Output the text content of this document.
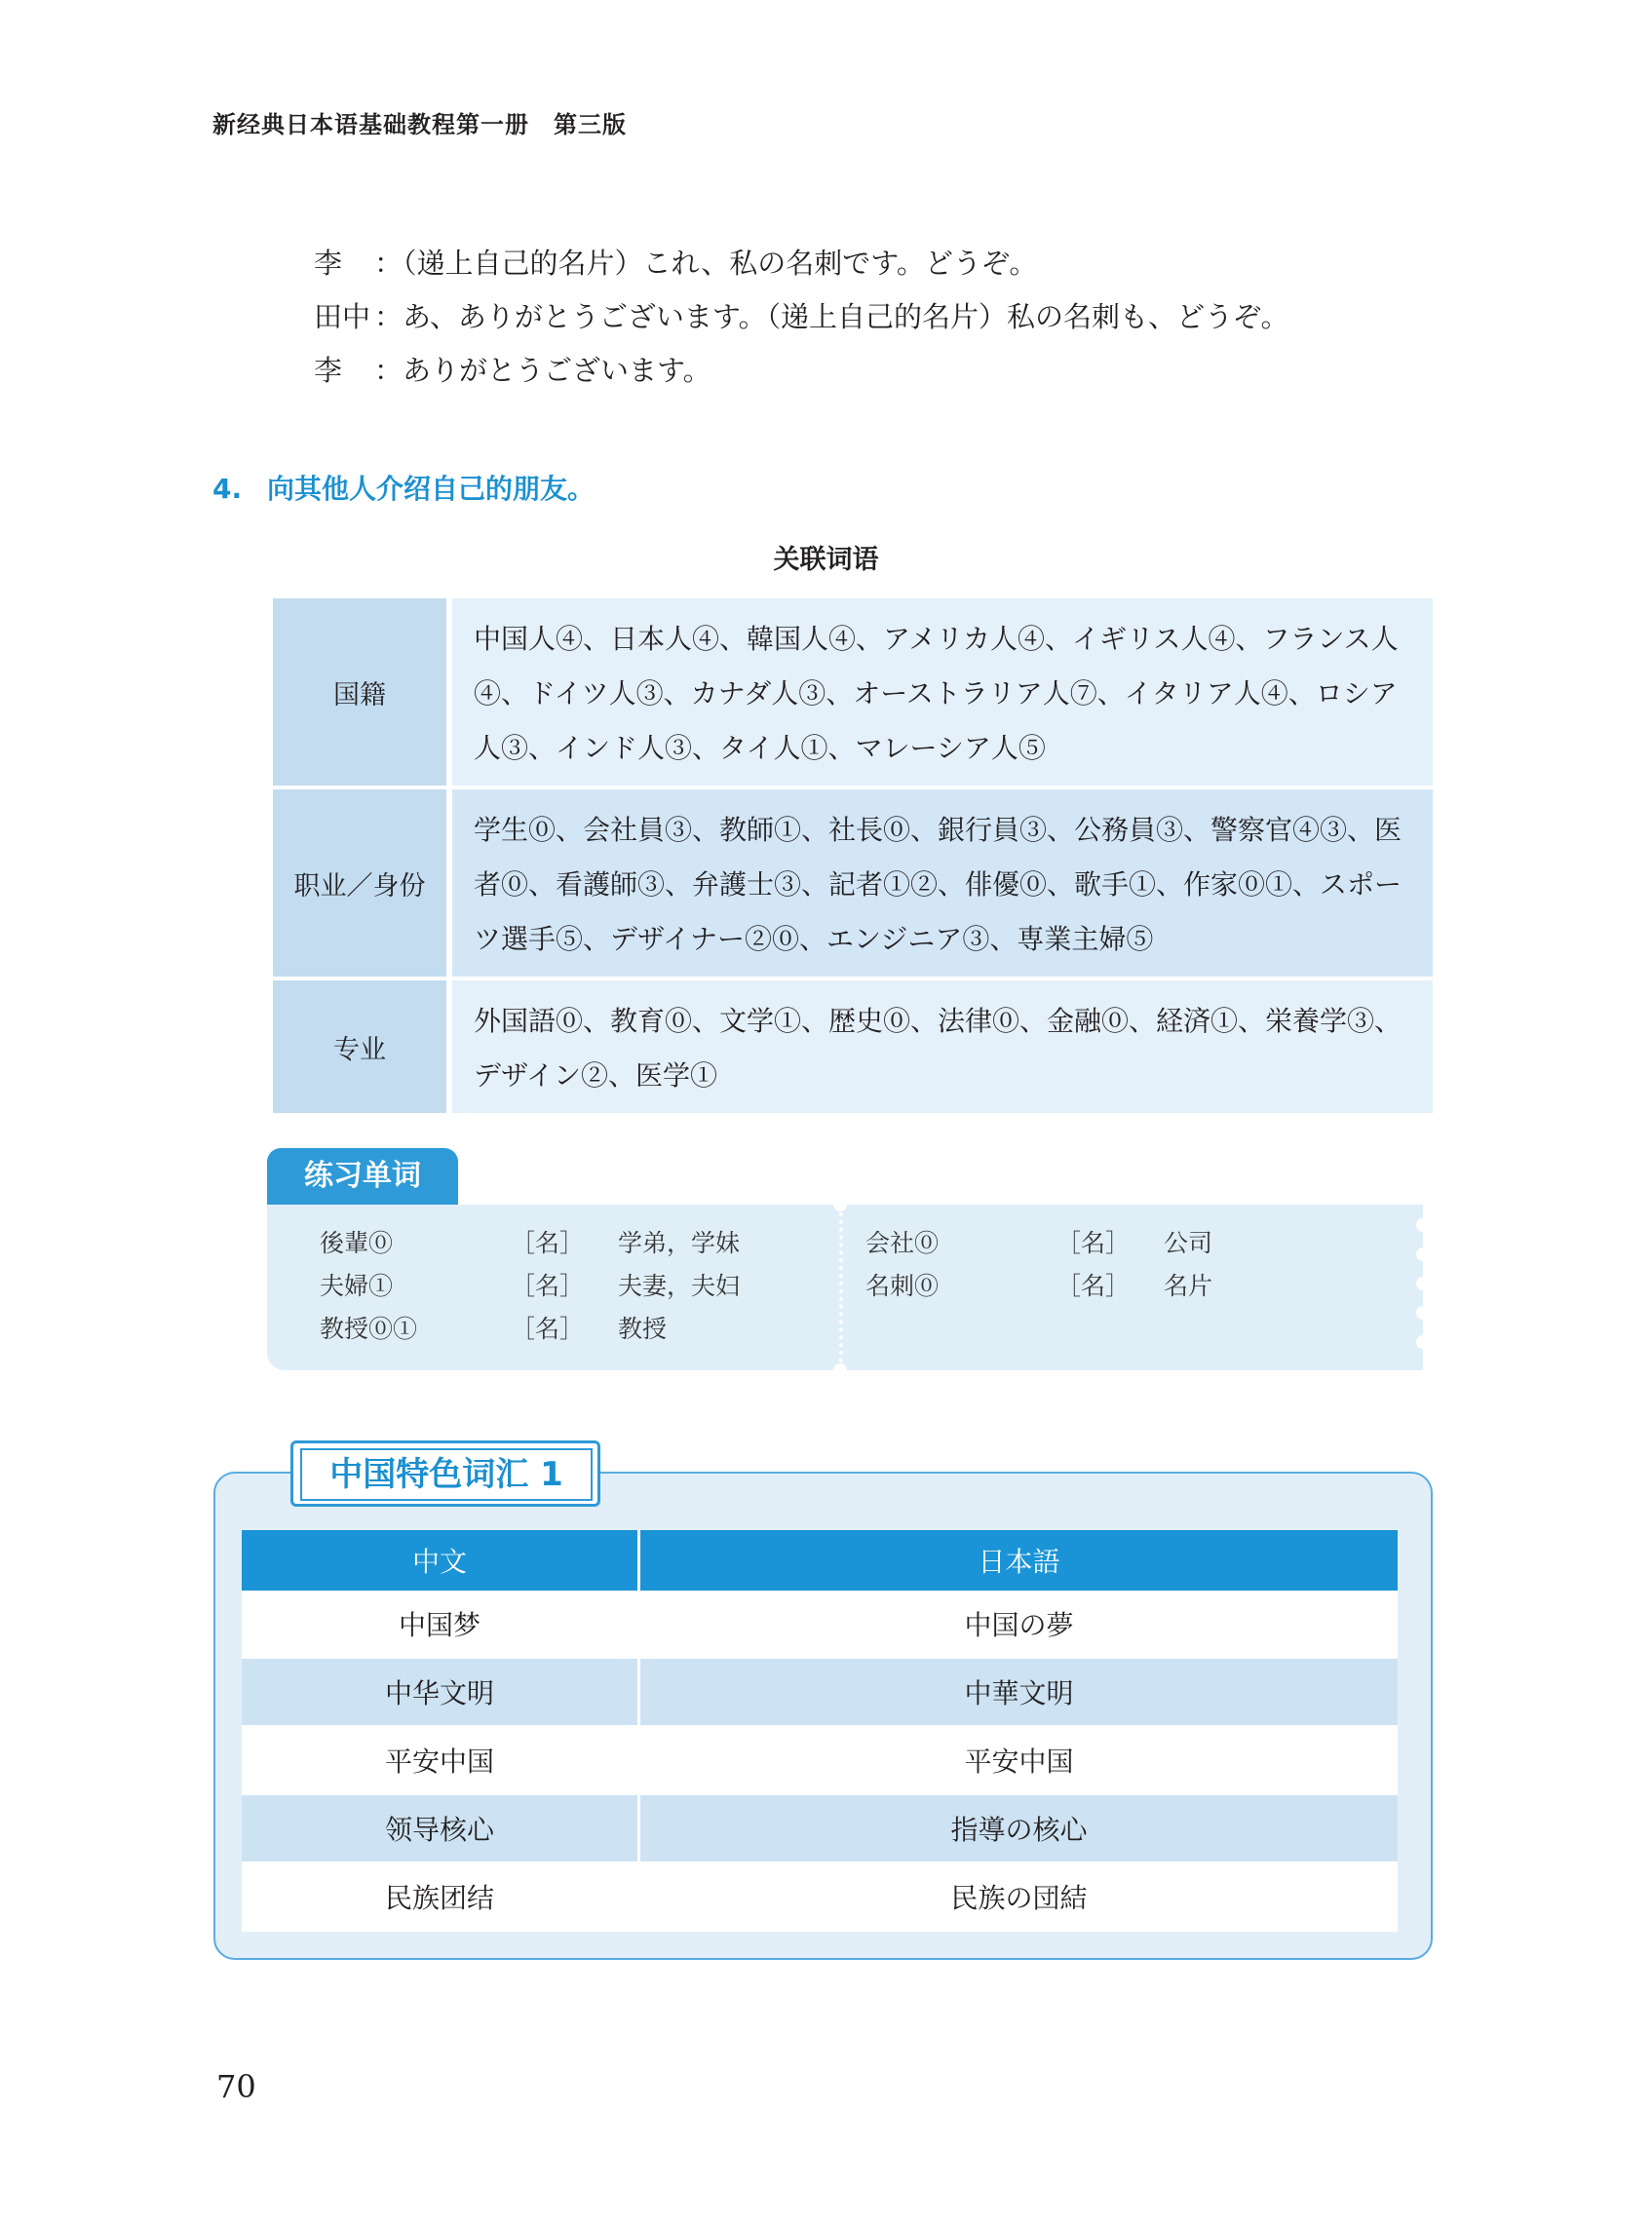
新经典日本语基础教程第一册　第三版
李 ：（递上自己的名片）これ、私の名刺です。どうぞ。
田中 ：あ、ありがとうございます。（递上自己的名片）私の名刺も、どうぞ。
李 ：ありがとうございます。
4. 向其他人介绍自己的朋友。
关联词语
国籍	中国人④、日本人④、韓国人④、アメリカ人④、イギリス人④、フランス人④、ドイツ人③、カナダ人③、オーストラリア人⑦、イタリア人④、ロシア人③、インド人③、タイ人①、マレーシア人⑤
职业／身份	学生⓪、会社員③、教師①、社長⓪、銀行員③、公務員③、警察官④③、医者⓪、看護師③、弁護士③、記者①②、俳優⓪、歌手①、作家⓪①、スポーツ選手⑤、デザイナー②⓪、エンジニア③、専業主婦⑤
专业	外国語⓪、教育⓪、文学①、歴史⓪、法律⓪、金融⓪、経済①、栄養学③、デザイン②、医学①
练习单词
後輩⓪	［名］ 学弟，学妹
夫婦①	［名］ 夫妻，夫妇
教授⓪①	［名］ 教授
会社⓪	［名］ 公司
名刺⓪	［名］ 名片
中国特色词汇 1
中文	日本語
中国梦	中国の夢
中华文明	中華文明
平安中国	平安中国
领导核心	指導の核心
民族团结	民族の団結
70
